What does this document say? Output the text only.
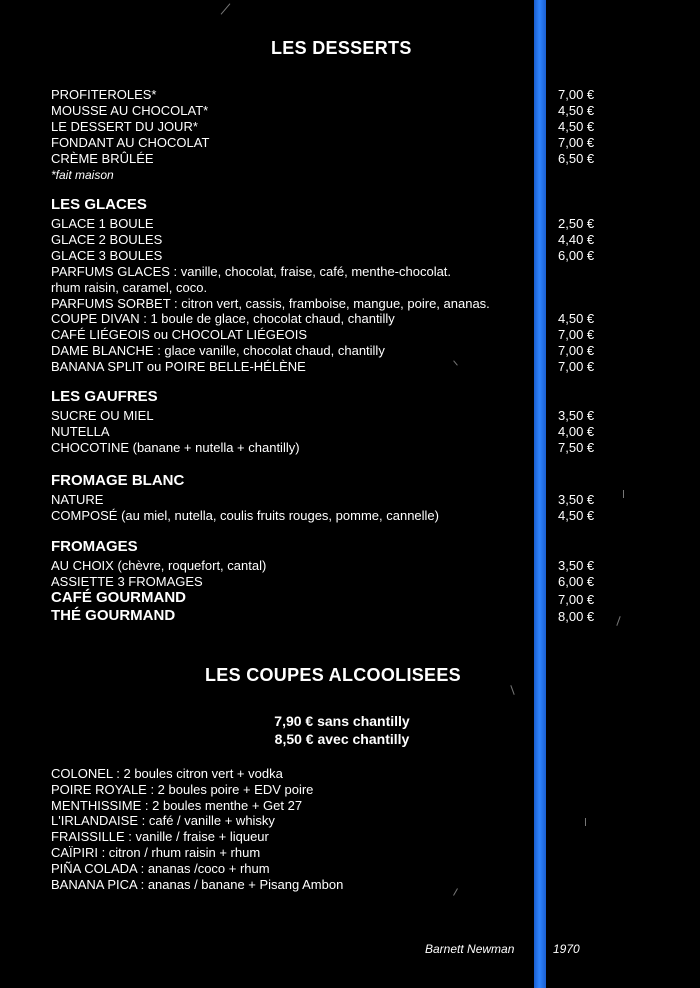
LES DESSERTS
PROFITEROLES*	7,00 €
MOUSSE AU CHOCOLAT*	4,50 €
LE DESSERT DU JOUR*	4,50 €
FONDANT AU CHOCOLAT	7,00 €
CRÈME BRÛLÉE	6,50 €
*fait maison
LES GLACES
GLACE 1 BOULE	2,50 €
GLACE 2 BOULES	4,40 €
GLACE 3 BOULES	6,00 €
PARFUMS GLACES : vanille, chocolat, fraise, café, menthe-chocolat.
rhum raisin, caramel, coco.
PARFUMS SORBET : citron vert, cassis, framboise, mangue, poire, ananas.
COUPE DIVAN : 1 boule de glace, chocolat chaud, chantilly	4,50 €
CAFÉ LIÉGEOIS ou CHOCOLAT LIÉGEOIS	7,00 €
DAME BLANCHE : glace vanille, chocolat chaud, chantilly	7,00 €
BANANA SPLIT ou POIRE BELLE-HÉLÈNE	7,00 €
LES GAUFRES
SUCRE OU MIEL	3,50 €
NUTELLA	4,00 €
CHOCOTINE (banane + nutella + chantilly)	7,50 €
FROMAGE BLANC
NATURE	3,50 €
COMPOSÉ (au miel, nutella, coulis fruits rouges, pomme, cannelle)	4,50 €
FROMAGES
AU CHOIX (chèvre, roquefort, cantal)	3,50 €
ASSIETTE 3 FROMAGES	6,00 €
CAFÉ GOURMAND	7,00 €
THÉ GOURMAND	8,00 €
LES COUPES ALCOOLISEES
7,90 € sans chantilly
8,50 € avec chantilly
COLONEL : 2 boules citron vert + vodka
POIRE ROYALE : 2 boules poire + EDV poire
MENTHISSIME : 2 boules menthe + Get 27
L'IRLANDAISE : café / vanille + whisky
FRAISSILLE : vanille / fraise + liqueur
CAÏPIRI : citron / rhum raisin + rhum
PIÑA COLADA : ananas /coco + rhum
BANANA PICA : ananas / banane + Pisang Ambon
Barnett Newman	1970
